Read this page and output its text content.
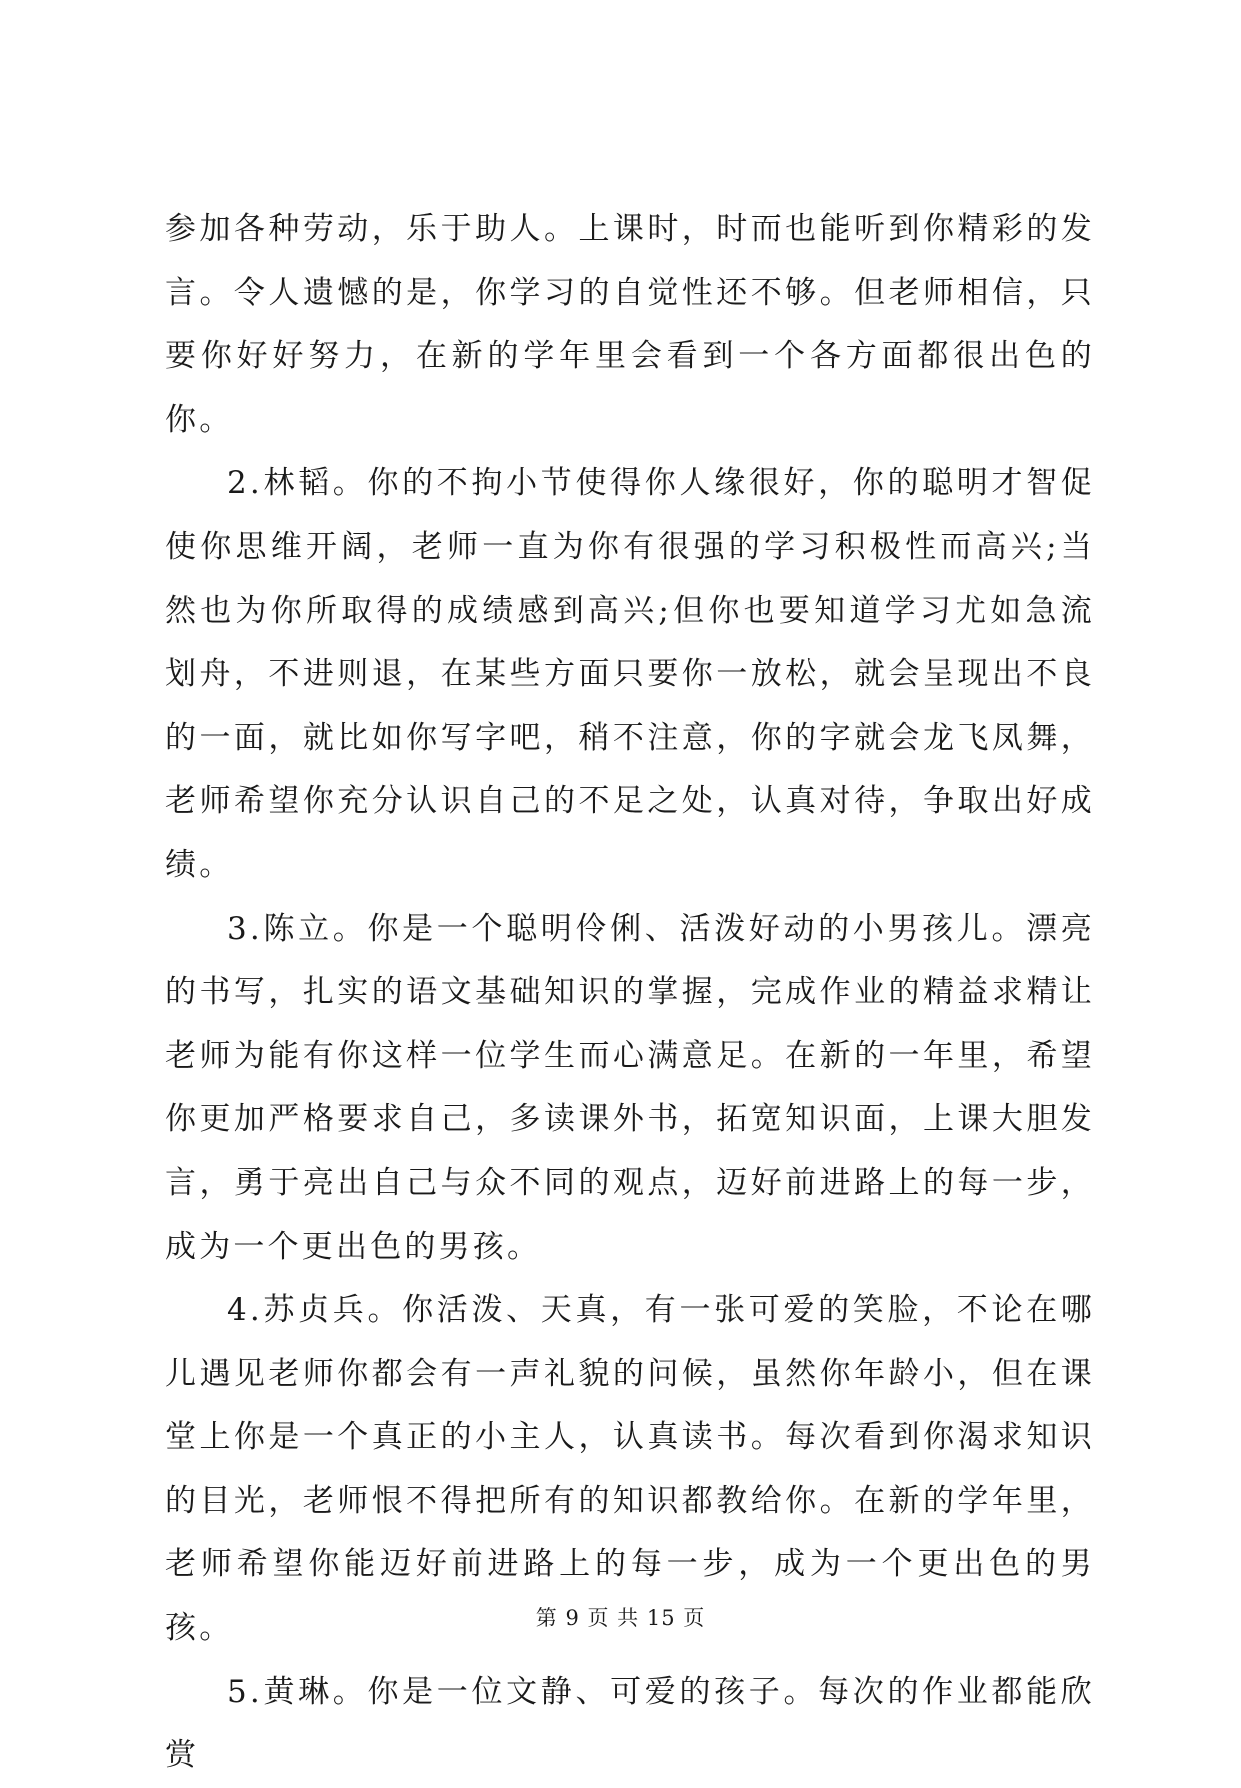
参加各种劳动，乐于助人。上课时，时而也能听到你精彩的发言。令人遗憾的是，你学习的自觉性还不够。但老师相信，只要你好好努力，在新的学年里会看到一个各方面都很出色的你。

2.林韬。你的不拘小节使得你人缘很好，你的聪明才智促使你思维开阔，老师一直为你有很强的学习积极性而高兴;当然也为你所取得的成绩感到高兴;但你也要知道学习尤如急流划舟，不进则退，在某些方面只要你一放松，就会呈现出不良的一面，就比如你写字吧，稍不注意，你的字就会龙飞凤舞，老师希望你充分认识自己的不足之处，认真对待，争取出好成绩。

3.陈立。你是一个聪明伶俐、活泼好动的小男孩儿。漂亮的书写，扎实的语文基础知识的掌握，完成作业的精益求精让老师为能有你这样一位学生而心满意足。在新的一年里，希望你更加严格要求自己，多读课外书，拓宽知识面，上课大胆发言，勇于亮出自己与众不同的观点，迈好前进路上的每一步，成为一个更出色的男孩。

4.苏贞兵。你活泼、天真，有一张可爱的笑脸，不论在哪儿遇见老师你都会有一声礼貌的问候，虽然你年龄小，但在课堂上你是一个真正的小主人，认真读书。每次看到你渴求知识的目光，老师恨不得把所有的知识都教给你。在新的学年里，老师希望你能迈好前进路上的每一步，成为一个更出色的男孩。

5.黄琳。你是一位文静、可爱的孩子。每次的作业都能欣赏

第 9 页 共 15 页
